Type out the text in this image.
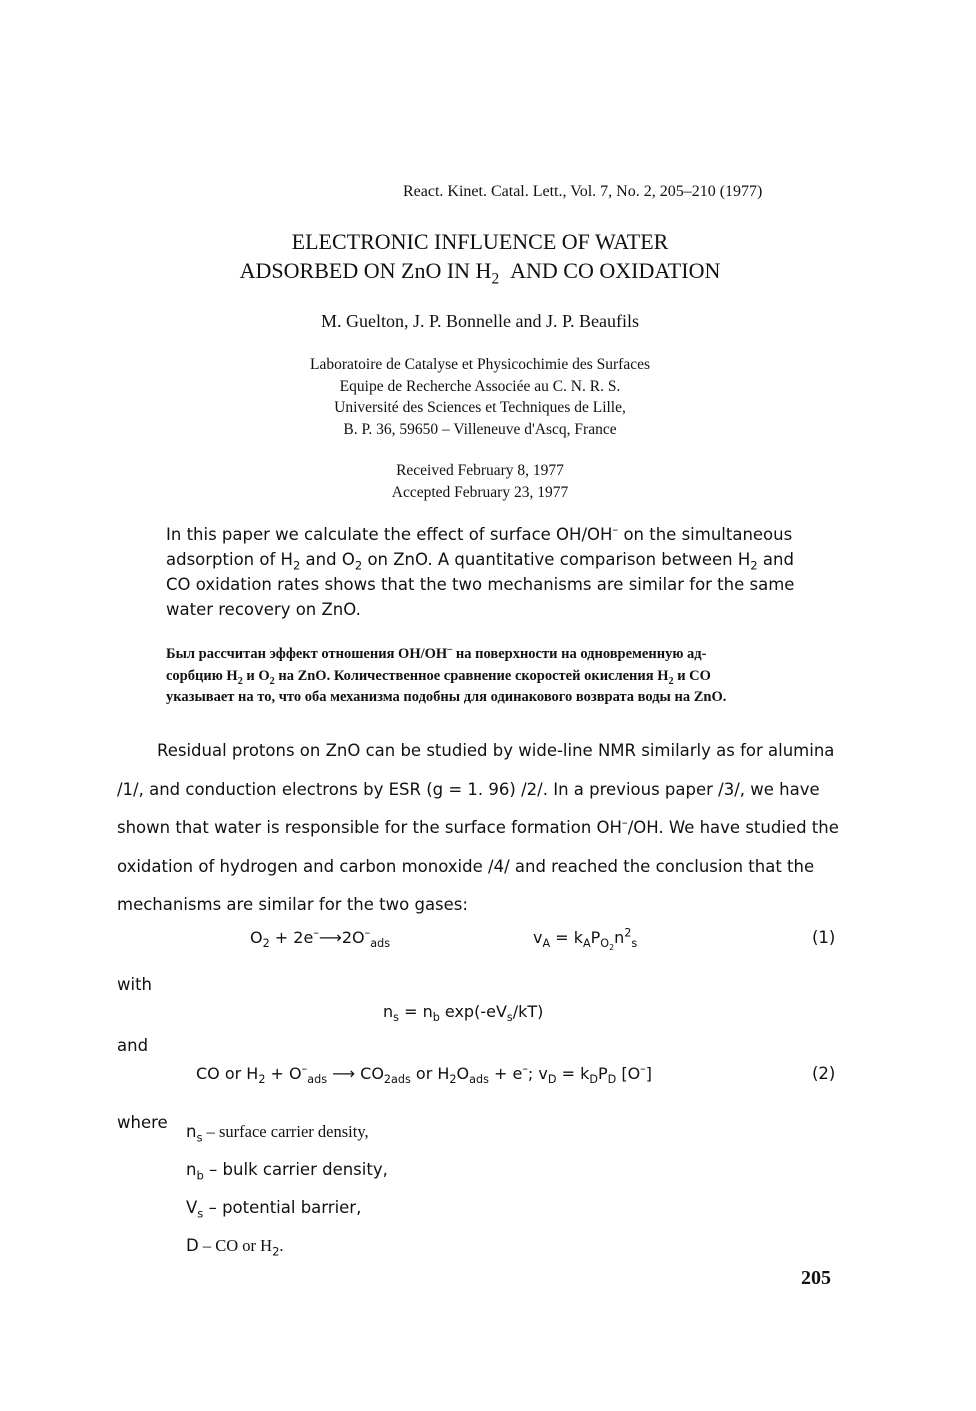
React. Kinet. Catal. Lett., Vol. 7, No. 2, 205–210 (1977)
ELECTRONIC INFLUENCE OF WATER
ADSORBED ON ZnO IN $H_2$ AND CO OXIDATION
M. Guelton, J. P. Bonnelle and J. P. Beaufils
Laboratoire de Catalyse et Physicochimie des Surfaces
Equipe de Recherche Associée au C. N. R. S.
Université des Sciences et Techniques de Lille,
B. P. 36, 59650 – Villeneuve d'Ascq, France
Received February 8, 1977
Accepted February 23, 1977
In this paper we calculate the effect of surface OH/OH– on the simultaneous
adsorption of $H_2$ and $O_2$ on ZnO. A quantitative comparison between $H_2$ and
CO oxidation rates shows that the two mechanisms are similar for the same
water recovery on ZnO.
Был рассчитан эффект отношения OH/OH– на поверхности на одновременную ад-
сорбцию $H_2$ и $O_2$ на ZnO. Количественное сравнение скоростей окисления $H_2$ и CO
указывает на то, что оба механизма подобны для одинакового возврата воды на ZnO.
Residual protons on ZnO can be studied by wide-line NMR similarly as for alumina
/1/, and conduction electrons by ESR (g = 1. 96) /2/. In a previous paper /3/, we have
shown that water is responsible for the surface formation OH–/OH. We have studied the
oxidation of hydrogen and carbon monoxide /4/ and reached the conclusion that the
mechanisms are similar for the two gases:
$O_2$ + $2e^-⟶2O^-_{ads}$	$v_A = k_AP_{O_2}n^2_s$	(1)
with
$n_s = n_b$ $\exp(-eV_s/kT)$
and
CO or $H_2 + O^-_{ads}$ ⟶ $CO_{2ads}$ or $H_2O_{ads} + e^-$; $v_D = k_DP_D$ [O–]	(2)
where $n_s$ – surface carrier density,
$n_b$ – bulk carrier density,
$V_s$ – potential barrier,
D – CO or $H_2$.
205
